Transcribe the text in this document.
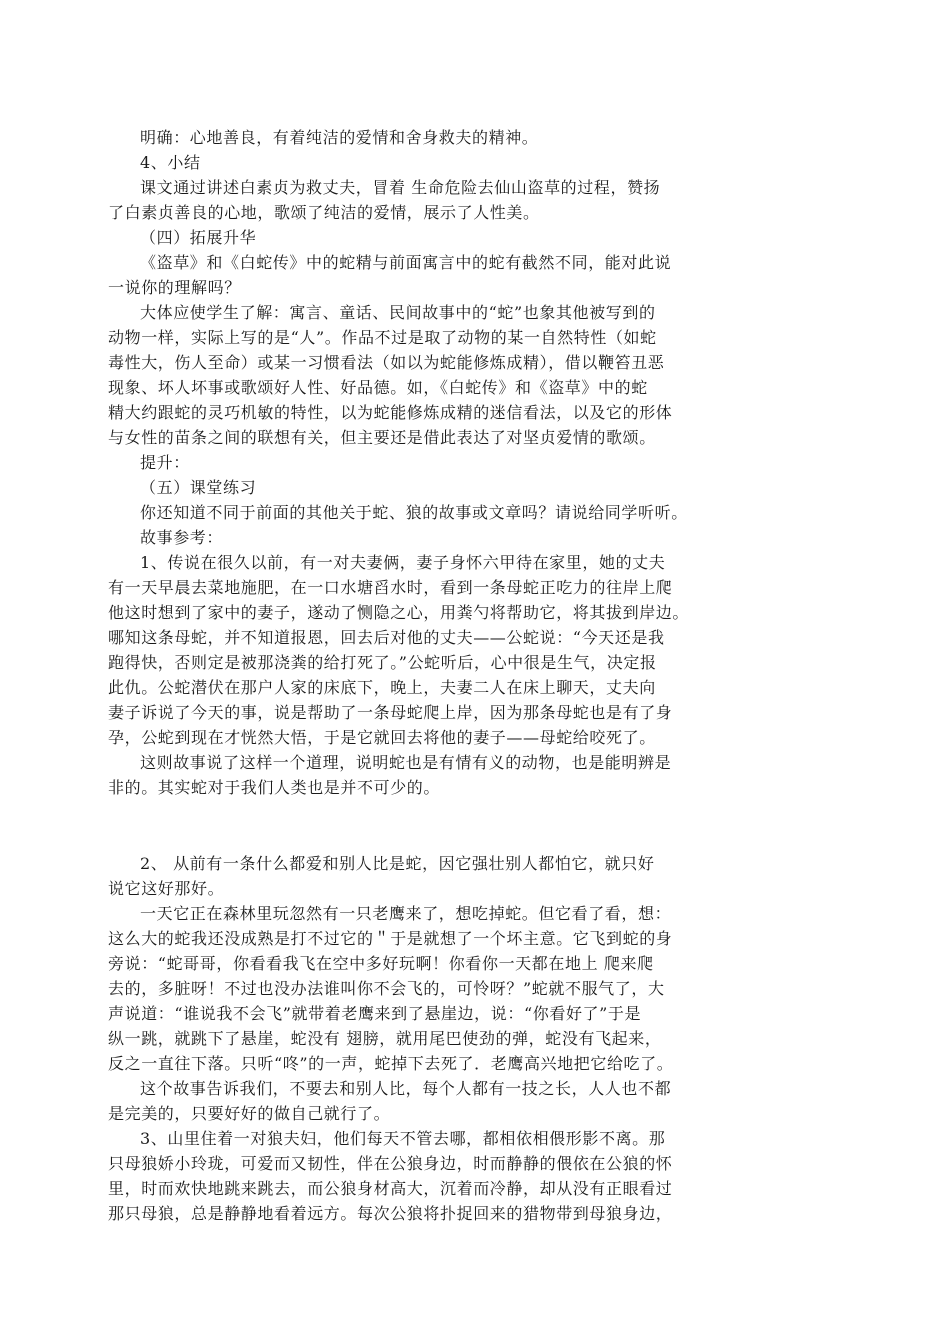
明确：心地善良，有着纯洁的爱情和舍身救夫的精神。
4、小结
课文通过讲述白素贞为救丈夫，冒着 生命危险去仙山盗草的过程，赞扬
了白素贞善良的心地，歌颂了纯洁的爱情，展示了人性美。
（四）拓展升华
《盗草》和《白蛇传》中的蛇精与前面寓言中的蛇有截然不同，能对此说
一说你的理解吗？
大体应使学生了解：寓言、童话、民间故事中的“蛇”也象其他被写到的
动物一样，实际上写的是“人”。作品不过是取了动物的某一自然特性（如蛇
毒性大，伤人至命）或某一习惯看法（如以为蛇能修炼成精），借以鞭笞丑恶
现象、坏人坏事或歌颂好人性、好品德。如，《白蛇传》和《盗草》中的蛇
精大约跟蛇的灵巧机敏的特性，以为蛇能修炼成精的迷信看法，以及它的形体
与女性的苗条之间的联想有关，但主要还是借此表达了对坚贞爱情的歌颂。
提升：
（五）课堂练习
你还知道不同于前面的其他关于蛇、狼的故事或文章吗？请说给同学听听。
故事参考：
1、传说在很久以前，有一对夫妻俩，妻子身怀六甲待在家里，她的丈夫
有一天早晨去菜地施肥，在一口水塘舀水时，看到一条母蛇正吃力的往岸上爬
他这时想到了家中的妻子，遂动了恻隐之心，用粪勺将帮助它，将其拔到岸边。
哪知这条母蛇，并不知道报恩，回去后对他的丈夫——公蛇说：“今天还是我
跑得快，否则定是被那浇粪的给打死了。”公蛇听后，心中很是生气，决定报
此仇。公蛇潜伏在那户人家的床底下，晚上，夫妻二人在床上聊天，丈夫向
妻子诉说了今天的事，说是帮助了一条母蛇爬上岸，因为那条母蛇也是有了身
孕，公蛇到现在才恍然大悟，于是它就回去将他的妻子——母蛇给咬死了。
这则故事说了这样一个道理，说明蛇也是有情有义的动物，也是能明辨是
非的。其实蛇对于我们人类也是并不可少的。
2、 从前有一条什么都爱和别人比是蛇，因它强壮别人都怕它，就只好
说它这好那好。
一天它正在森林里玩忽然有一只老鹰来了，想吃掉蛇。但它看了看，想：
这么大的蛇我还没成熟是打不过它的＂于是就想了一个坏主意。它飞到蛇的身
旁说：“蛇哥哥，你看看我飞在空中多好玩啊！你看你一天都在地上 爬来爬
去的，多脏呀！不过也没办法谁叫你不会飞的，可怜呀？”蛇就不服气了，大
声说道：“谁说我不会飞”就带着老鹰来到了悬崖边，说：“你看好了”于是
纵一跳，就跳下了悬崖，蛇没有 翅膀，就用尾巴使劲的弹，蛇没有飞起来，
反之一直往下落。只听“咚”的一声，蛇掉下去死了．老鹰高兴地把它给吃了。
这个故事告诉我们，不要去和别人比，每个人都有一技之长，人人也不都
是完美的，只要好好的做自己就行了。
3、山里住着一对狼夫妇，他们每天不管去哪，都相依相偎形影不离。那
只母狼娇小玲珑，可爱而又韧性，伴在公狼身边，时而静静的偎依在公狼的怀
里，时而欢快地跳来跳去，而公狼身材高大，沉着而冷静，却从没有正眼看过
那只母狼，总是静静地看着远方。每次公狼将扑捉回来的猎物带到母狼身边，
